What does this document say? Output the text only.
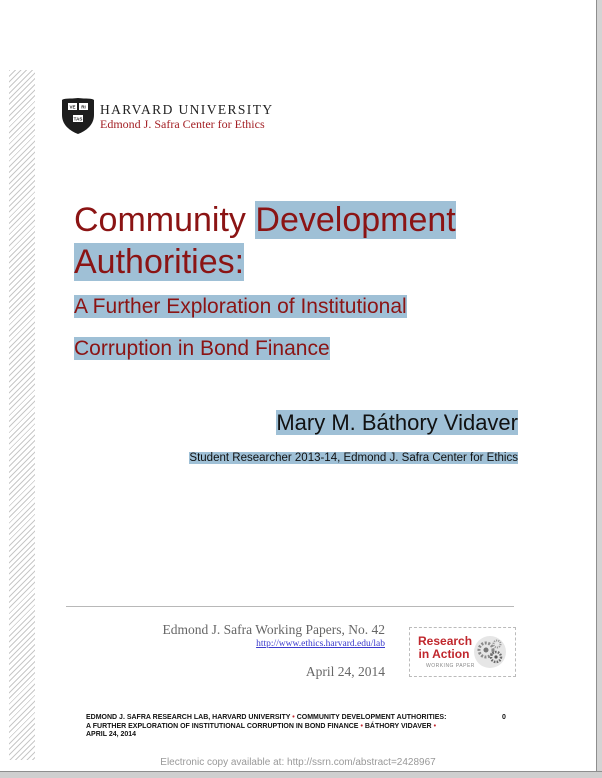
VE RI
TAS
HARVARD UNIVERSITY
Edmond J. Safra Center for Ethics
Community Development
Authorities:
A Further Exploration of Institutional
Corruption in Bond Finance
Mary M. Báthory Vidaver
Student Researcher 2013-14, Edmond J. Safra Center for Ethics
Edmond J. Safra Working Papers, No. 42
http://www.ethics.harvard.edu/lab
April 24, 2014
Research
in Action
WORKING PAPER
EDMOND J. SAFRA RESEARCH LAB, HARVARD UNIVERSITY • COMMUNITY DEVELOPMENT AUTHORITIES:
A FURTHER EXPLORATION OF INSTITUTIONAL CORRUPTION IN BOND FINANCE • BÁTHORY VIDAVER •
APRIL 24, 2014
0
Electronic copy available at: http://ssrn.com/abstract=2428967
